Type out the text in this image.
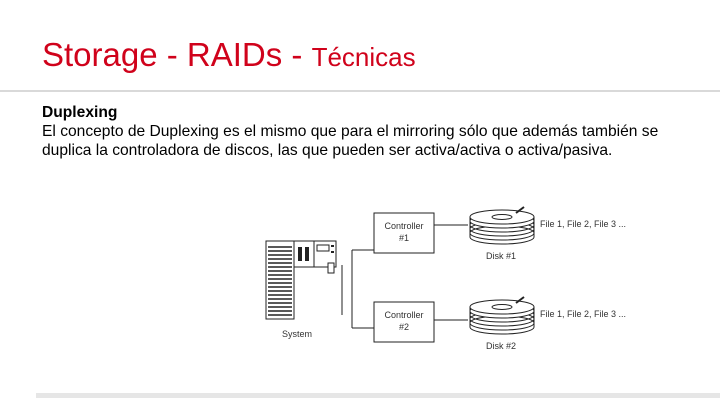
Storage - RAIDs - Técnicas
Duplexing
El concepto de Duplexing es el mismo que para el mirroring sólo que además también se duplica la controladora de discos, las que pueden ser activa/activa o activa/pasiva.
System
Controller
#1
Controller
#2
File 1, File 2, File 3 ...
Disk #1
File 1, File 2, File 3 ...
Disk #2
